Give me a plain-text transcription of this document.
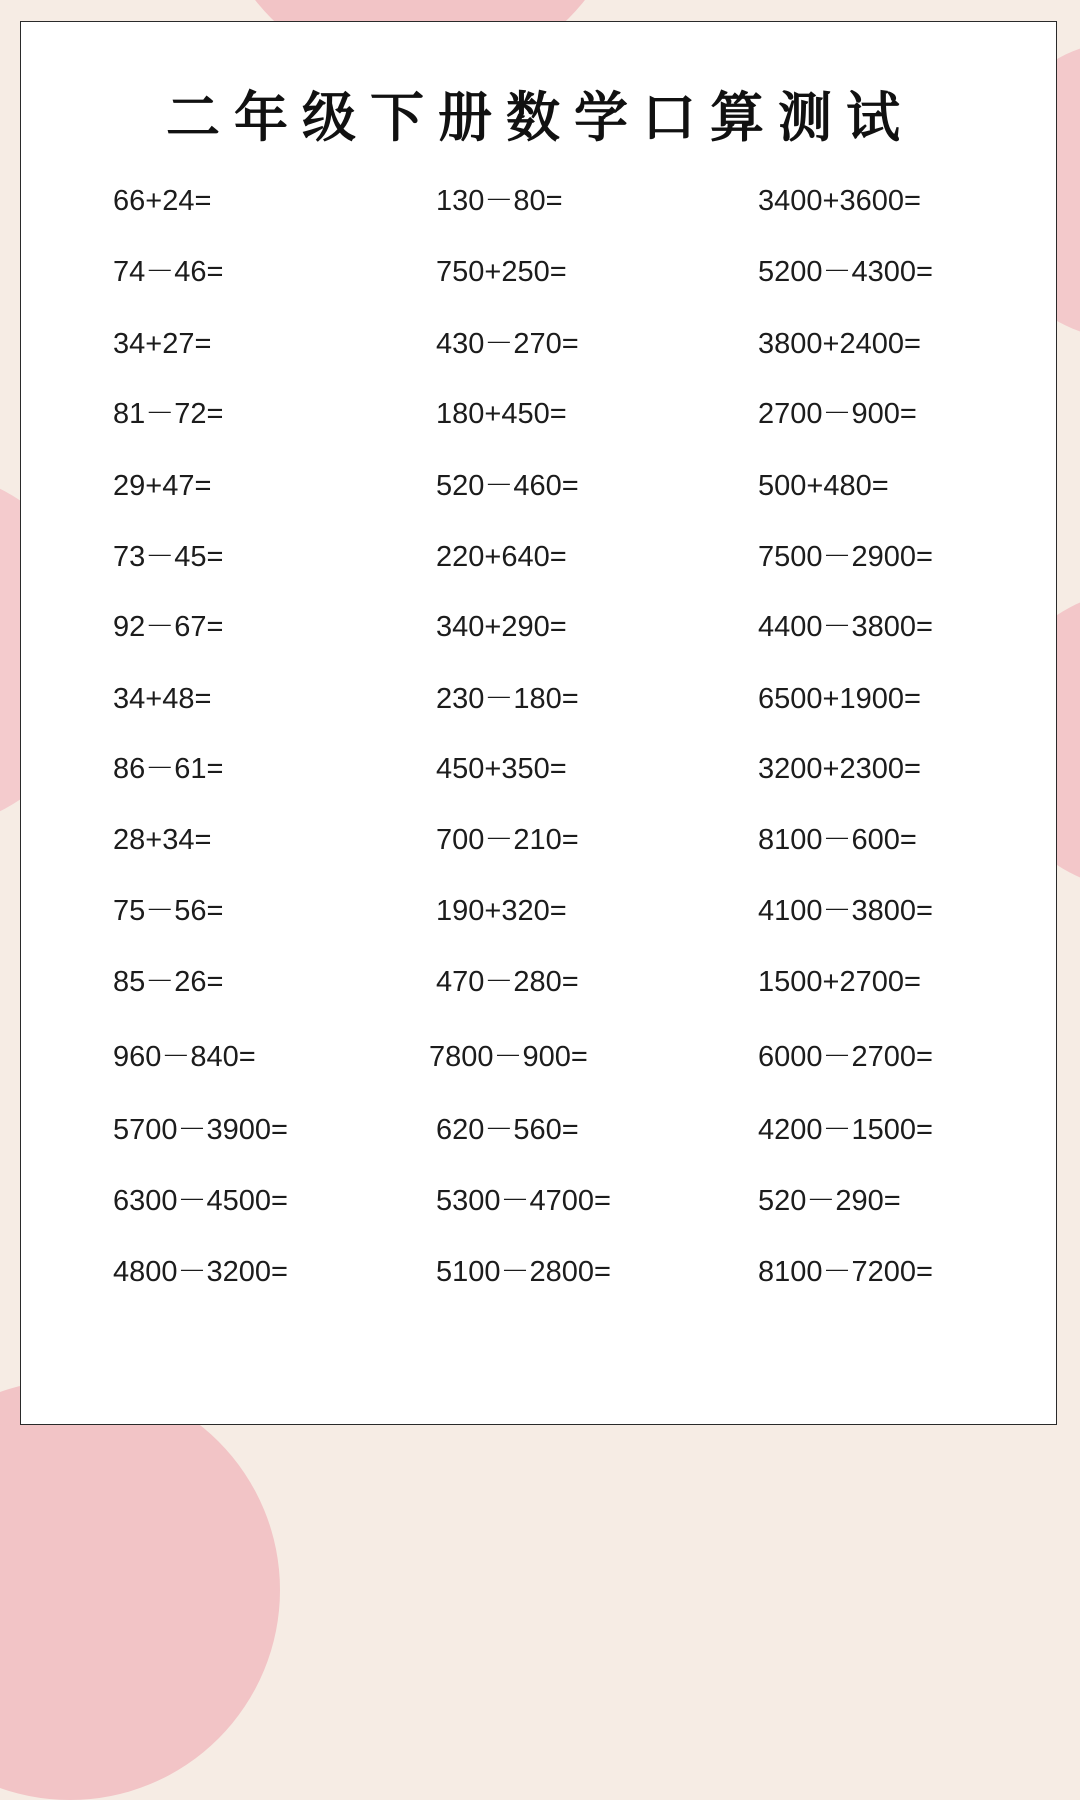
二年级下册数学口算测试
66+24=
74－46=
34+27=
81－72=
29+47=
73－45=
92－67=
34+48=
86－61=
28+34=
75－56=
85－26=
960－840=
5700－3900=
6300－4500=
4800－3200=
130－80=
750+250=
430－270=
180+450=
520－460=
220+640=
340+290=
230－180=
450+350=
700－210=
190+320=
470－280=
7800－900=
620－560=
5300－4700=
5100－2800=
3400+3600=
5200－4300=
3800+2400=
2700－900=
500+480=
7500－2900=
4400－3800=
6500+1900=
3200+2300=
8100－600=
4100－3800=
1500+2700=
6000－2700=
4200－1500=
520－290=
8100－7200=
